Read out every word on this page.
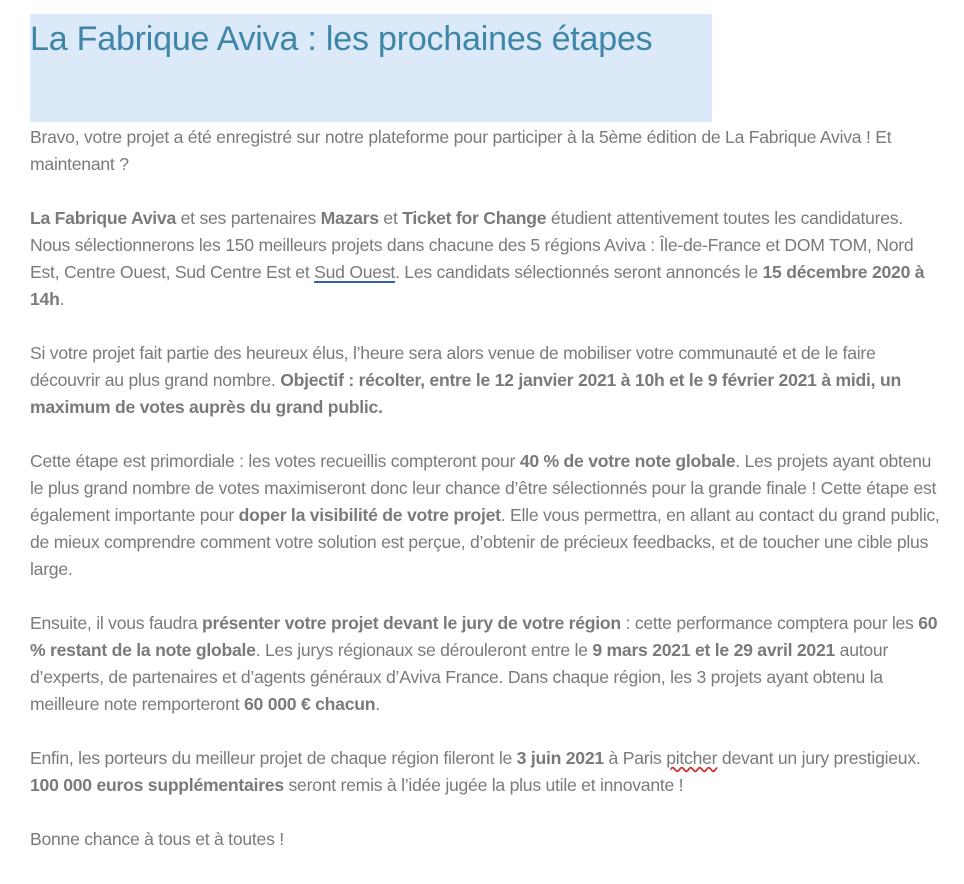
La Fabrique Aviva : les prochaines étapes

Bravo, votre projet a été enregistré sur notre plateforme pour participer à la 5ème édition de La Fabrique Aviva ! Et maintenant ?

La Fabrique Aviva et ses partenaires Mazars et Ticket for Change étudient attentivement toutes les candidatures. Nous sélectionnerons les 150 meilleurs projets dans chacune des 5 régions Aviva : Île-de-France et DOM TOM, Nord Est, Centre Ouest, Sud Centre Est et Sud Ouest. Les candidats sélectionnés seront annoncés le 15 décembre 2020 à 14h.

Si votre projet fait partie des heureux élus, l’heure sera alors venue de mobiliser votre communauté et de le faire découvrir au plus grand nombre. Objectif : récolter, entre le 12 janvier 2021 à 10h et le 9 février 2021 à midi, un maximum de votes auprès du grand public.

Cette étape est primordiale : les votes recueillis compteront pour 40 % de votre note globale. Les projets ayant obtenu le plus grand nombre de votes maximiseront donc leur chance d’être sélectionnés pour la grande finale ! Cette étape est également importante pour doper la visibilité de votre projet. Elle vous permettra, en allant au contact du grand public, de mieux comprendre comment votre solution est perçue, d’obtenir de précieux feedbacks, et de toucher une cible plus large.

Ensuite, il vous faudra présenter votre projet devant le jury de votre région : cette performance comptera pour les 60 % restant de la note globale. Les jurys régionaux se dérouleront entre le 9 mars 2021 et le 29 avril 2021 autour d’experts, de partenaires et d’agents généraux d’Aviva France. Dans chaque région, les 3 projets ayant obtenu la meilleure note remporteront 60 000 € chacun.

Enfin, les porteurs du meilleur projet de chaque région fileront le 3 juin 2021 à Paris pitcher devant un jury prestigieux. 100 000 euros supplémentaires seront remis à l’idée jugée la plus utile et innovante !

Bonne chance à tous et à toutes !
